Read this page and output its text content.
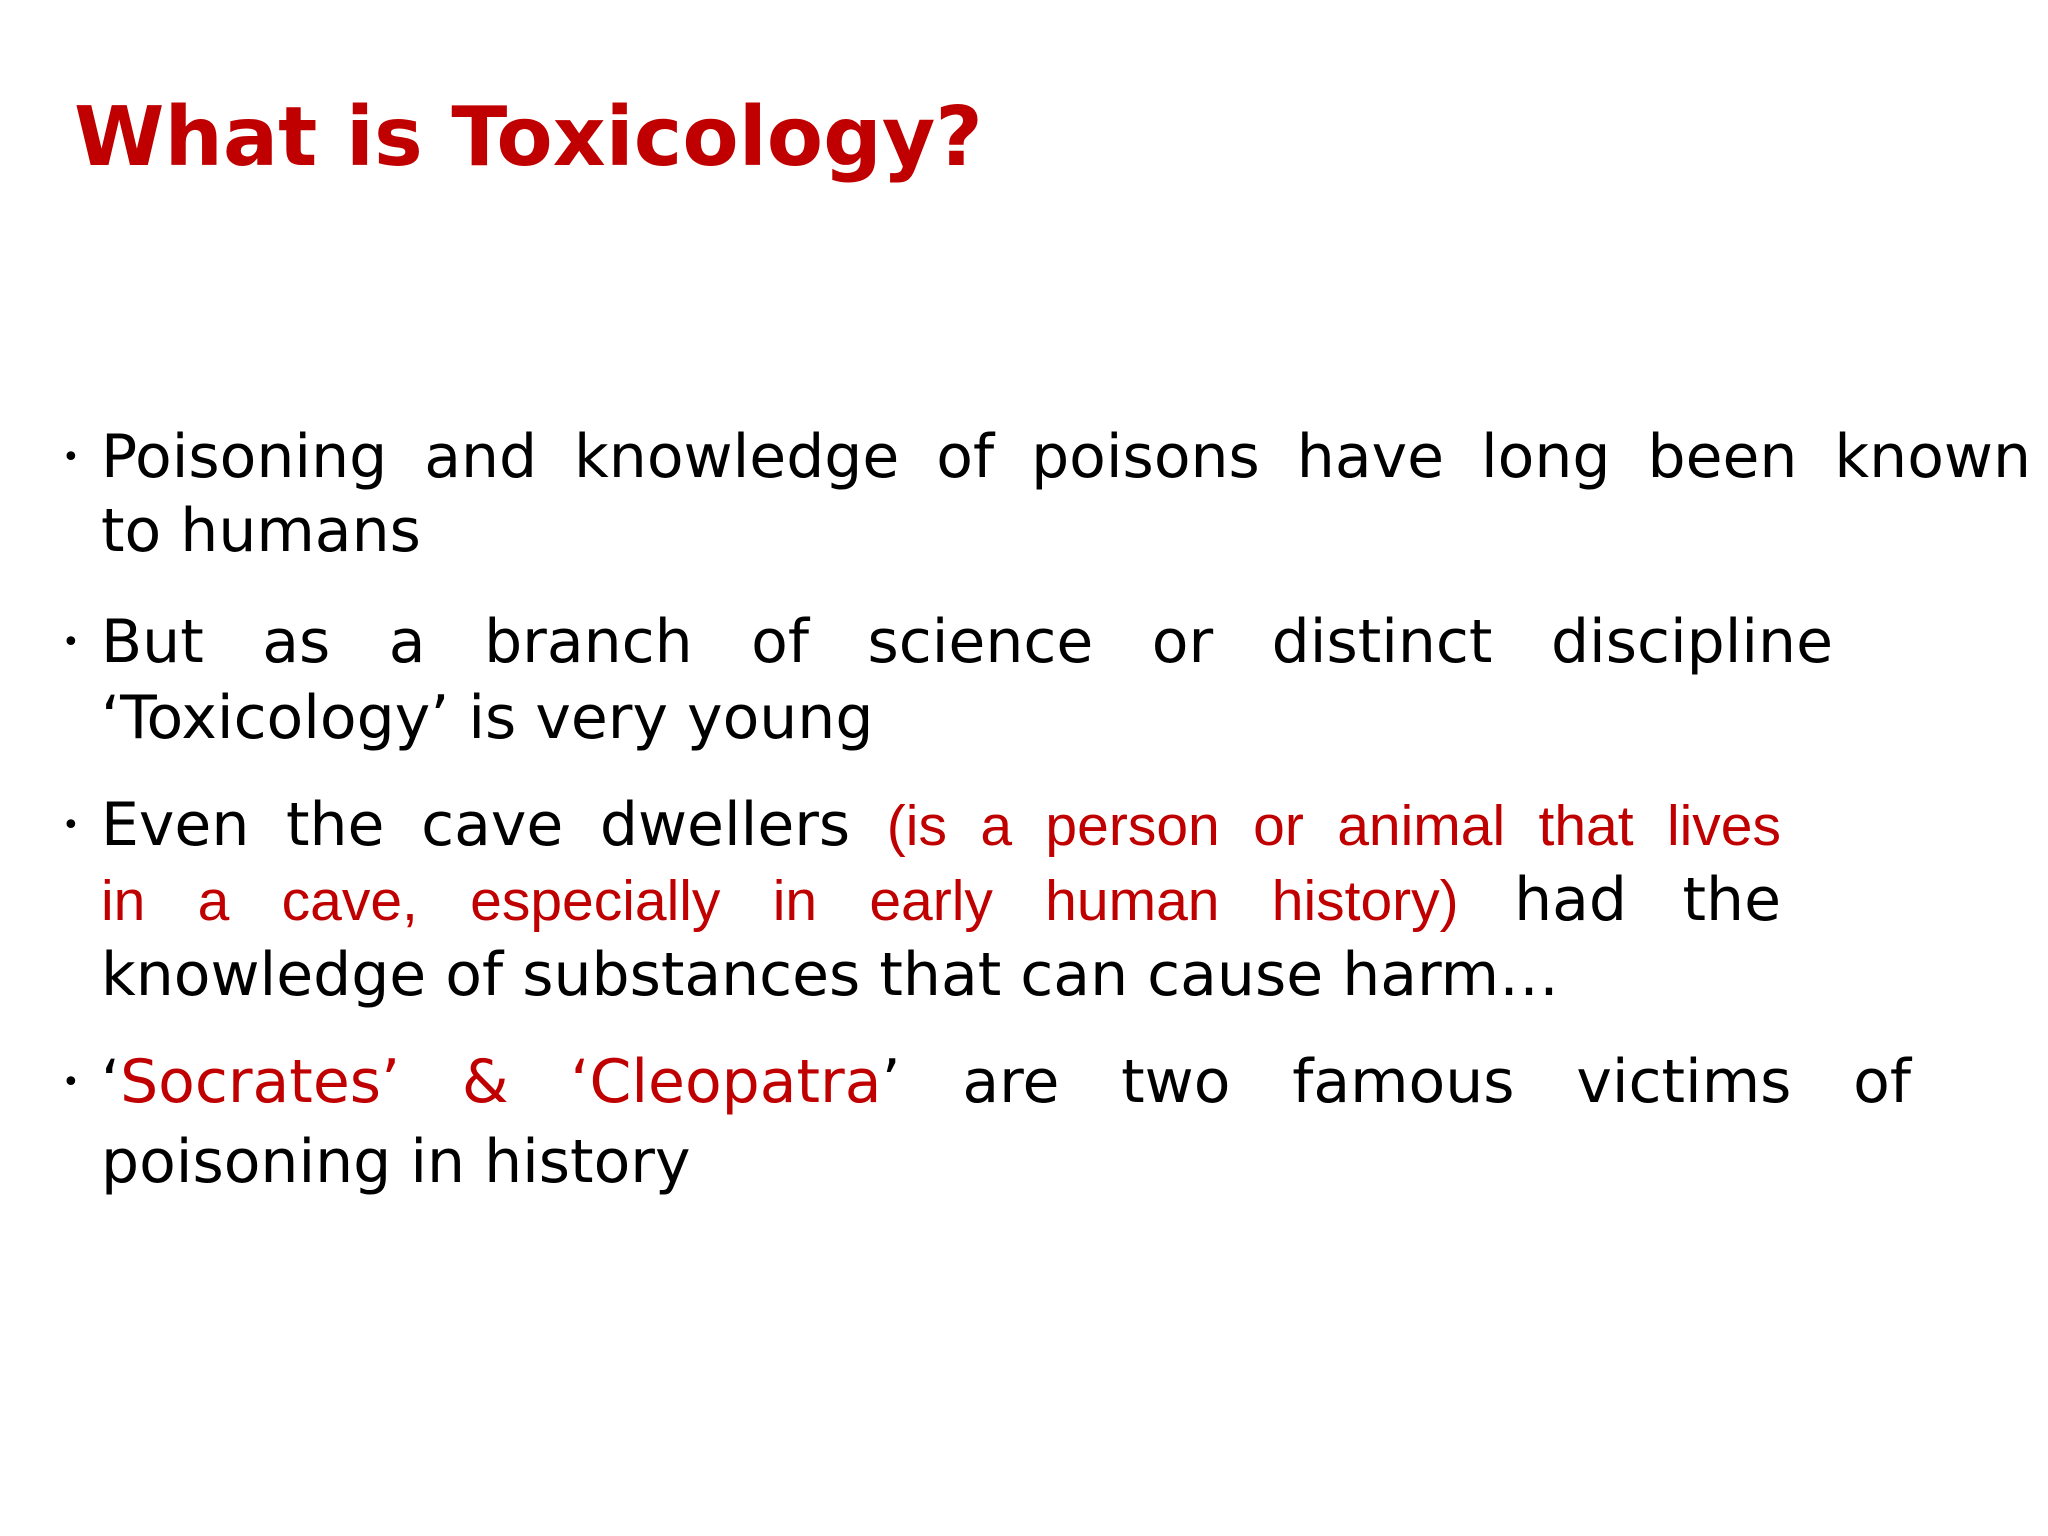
What is Toxicology?
• Poisoning and knowledge of poisons have long been known
to humans
• But as a branch of science or distinct discipline
‘Toxicology’ is very young
• Even the cave dwellers (is a person or animal that lives
in a cave, especially in early human history) had the
knowledge of substances that can cause harm…
• ‘Socrates’ & ‘Cleopatra’ are two famous victims of
poisoning in history
